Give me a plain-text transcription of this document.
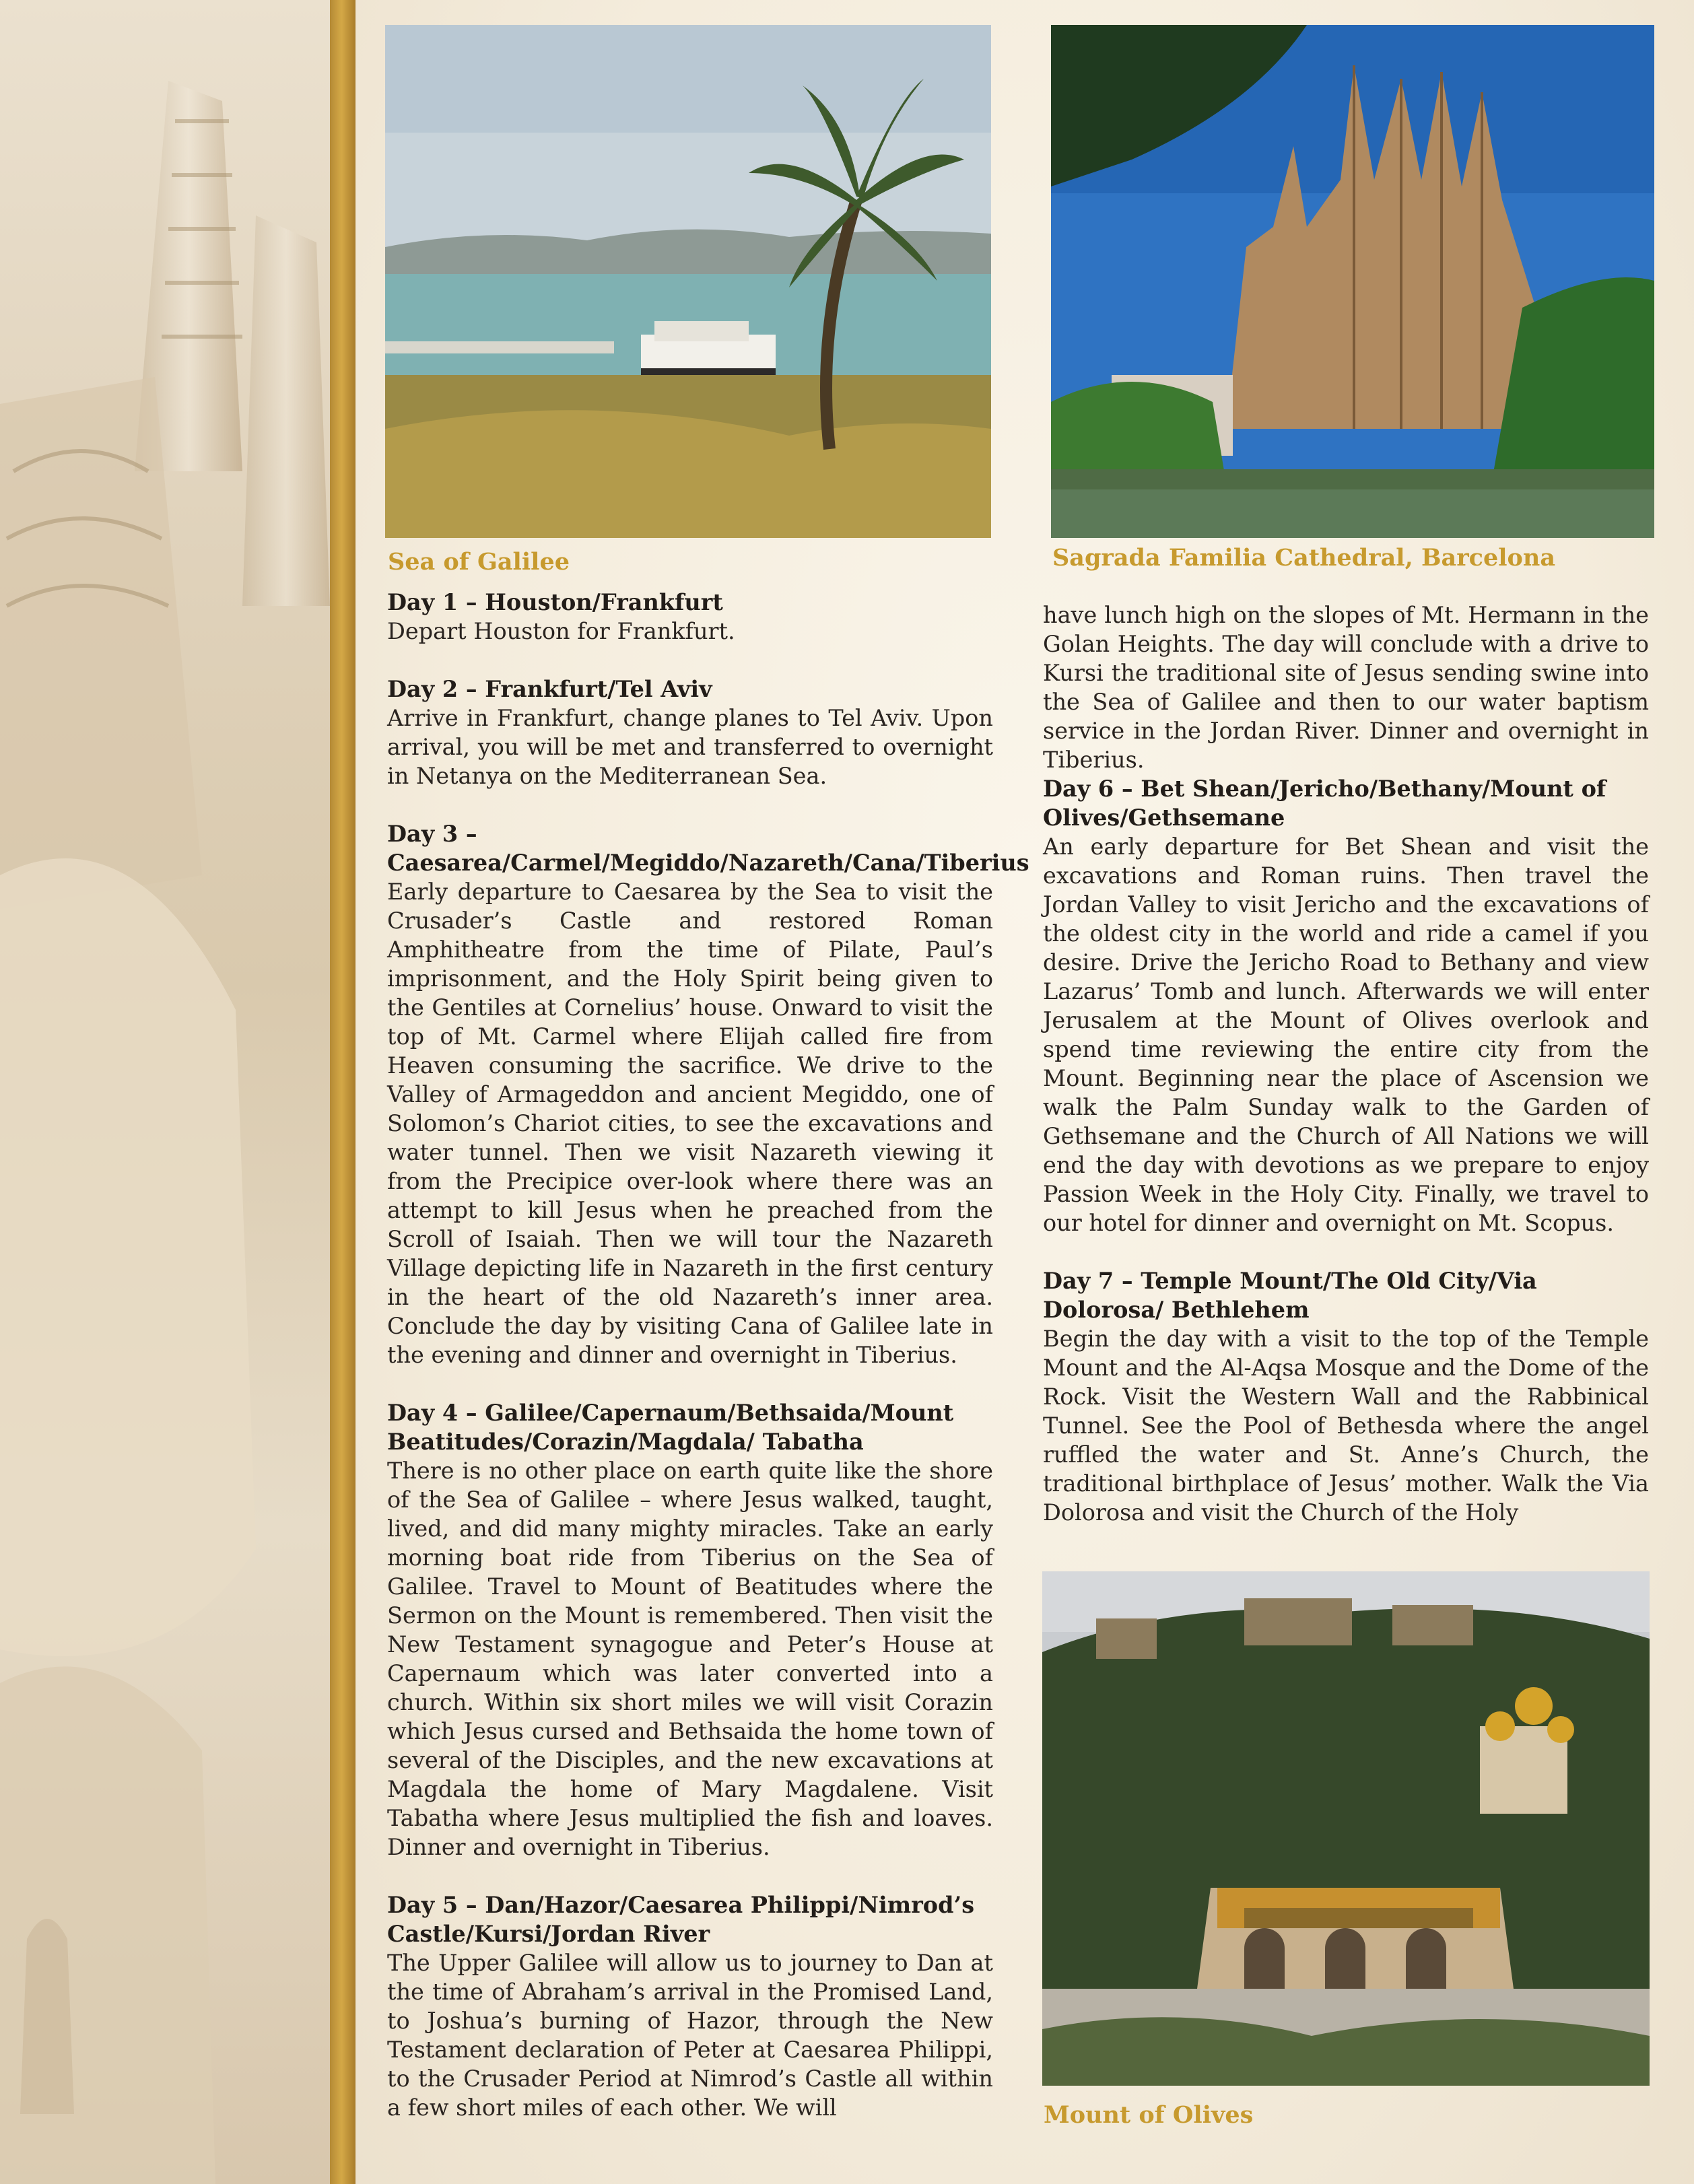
Sea of Galilee	Sagrada Familia Cathedral, Barcelona
Mount of Olives
Day 1 – Houston/Frankfurt

Depart Houston for Frankfurt.

Day 2 – Frankfurt/Tel Aviv

Arrive in Frankfurt, change planes to Tel Aviv. Upon arrival, you will be met and transferred to overnight in Netanya on the Mediterranean Sea.

Day 3 – Caesarea/Carmel/Megiddo/Nazareth/Cana/Tiberius

Early departure to Caesarea by the Sea to visit the Crusader’s Castle and restored Roman Amphitheatre from the time of Pilate, Paul’s imprisonment, and the Holy Spirit being given to the Gentiles at Cornelius’ house. Onward to visit the top of Mt. Carmel where Elijah called fire from Heaven consuming the sacrifice. We drive to the Valley of Armageddon and ancient Megiddo, one of Solomon’s Chariot cities, to see the excavations and water tunnel. Then we visit Nazareth viewing it from the Precipice over-look where there was an attempt to kill Jesus when he preached from the Scroll of Isaiah. Then we will tour the Nazareth Village depicting life in Nazareth in the first century in the heart of the old Nazareth’s inner area. Conclude the day by visiting Cana of Galilee late in the evening and dinner and overnight in Tiberius.

Day 4 – Galilee/Capernaum/Bethsaida/Mount Beatitudes/Corazin/Magdala/ Tabatha

There is no other place on earth quite like the shore of the Sea of Galilee – where Jesus walked, taught, lived, and did many mighty miracles. Take an early morning boat ride from Tiberius on the Sea of Galilee. Travel to Mount of Beatitudes where the Sermon on the Mount is remembered. Then visit the New Testament synagogue and Peter’s House at Capernaum which was later converted into a church. Within six short miles we will visit Corazin which Jesus cursed and Bethsaida the home town of several of the Disciples, and the new excavations at Magdala the home of Mary Magdalene. Visit Tabatha where Jesus multiplied the fish and loaves. Dinner and overnight in Tiberius.

Day 5 – Dan/Hazor/Caesarea Philippi/Nimrod’s Castle/Kursi/Jordan River

The Upper Galilee will allow us to journey to Dan at the time of Abraham’s arrival in the Promised Land, to Joshua’s burning of Hazor, through the New Testament declaration of Peter at Caesarea Philippi, to the Crusader Period at Nimrod’s Castle all within a few short miles of each other. We will

have lunch high on the slopes of Mt. Hermann in the Golan Heights. The day will conclude with a drive to Kursi the traditional site of Jesus sending swine into the Sea of Galilee and then to our water baptism service in the Jordan River. Dinner and overnight in Tiberius.

Day 6 – Bet Shean/Jericho/Bethany/Mount of Olives/Gethsemane

An early departure for Bet Shean and visit the excavations and Roman ruins. Then travel the Jordan Valley to visit Jericho and the excavations of the oldest city in the world and ride a camel if you desire. Drive the Jericho Road to Bethany and view Lazarus’ Tomb and lunch. Afterwards we will enter Jerusalem at the Mount of Olives overlook and spend time reviewing the entire city from the Mount. Beginning near the place of Ascension we walk the Palm Sunday walk to the Garden of Gethsemane and the Church of All Nations we will end the day with devotions as we prepare to enjoy Passion Week in the Holy City. Finally, we travel to our hotel for dinner and overnight on Mt. Scopus.

Day 7 – Temple Mount/The Old City/Via Dolorosa/ Bethlehem

Begin the day with a visit to the top of the Temple Mount and the Al-Aqsa Mosque and the Dome of the Rock. Visit the Western Wall and the Rabbinical Tunnel. See the Pool of Bethesda where the angel ruffled the water and St. Anne’s Church, the traditional birthplace of Jesus’ mother. Walk the Via Dolorosa and visit the Church of the Holy
